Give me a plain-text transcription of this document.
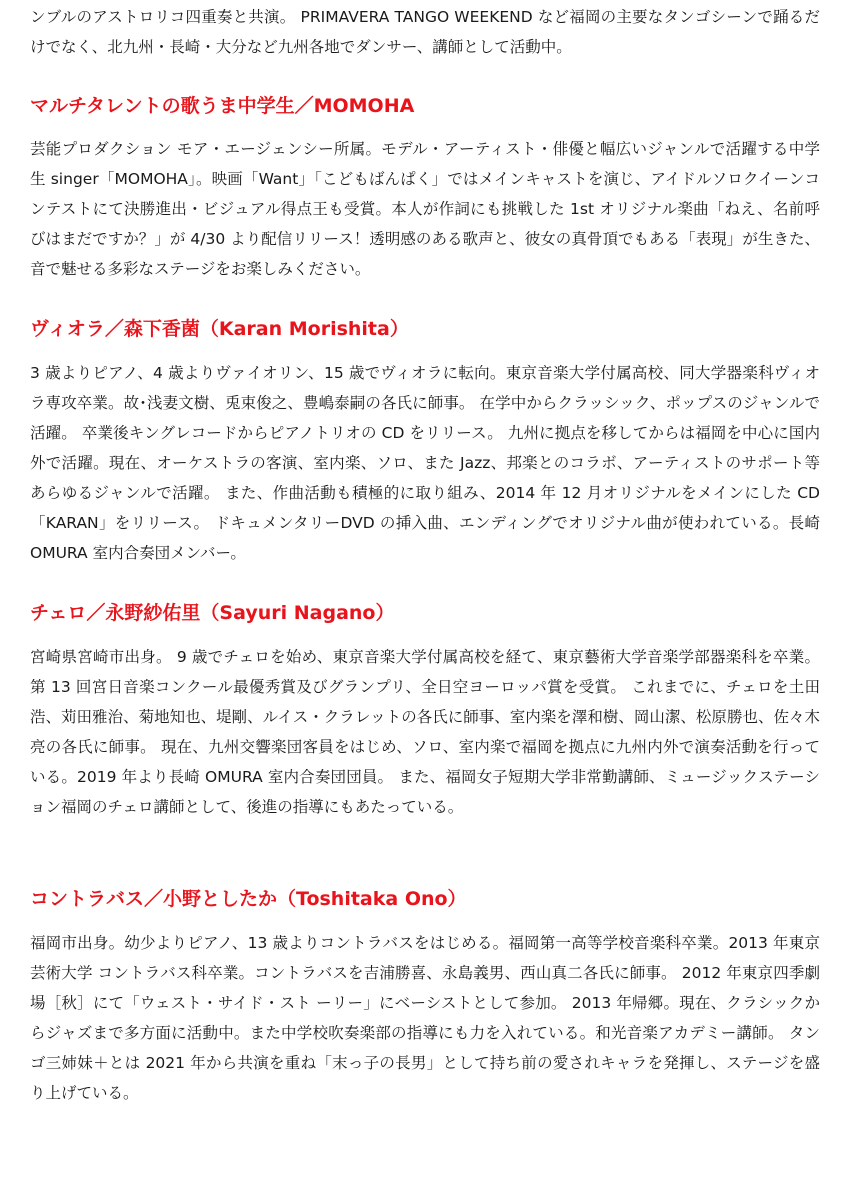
ンブルのアストロリコ四重奏と共演。 PRIMAVERA TANGO WEEKEND など福岡の主要なタンゴシーンで踊るだけでなく、北九州・長崎・大分など九州各地でダンサー、講師として活動中。

マルチタレントの歌うま中学生／MOMOHA

芸能プロダクション モア・エージェンシー所属。モデル・アーティスト・俳優と幅広いジャンルで活躍する中学生 singer「MOMOHA」。映画「Want」「こどもばんぱく」ではメインキャストを演じ、アイドルソロクイーンコンテストにて決勝進出・ビジュアル得点王も受賞。本人が作詞にも挑戦した 1st オリジナル楽曲「ねえ、名前呼びはまだですか？」が 4/30 より配信リリース！透明感のある歌声と、彼女の真骨頂でもある「表現」が生きた、音で魅せる多彩なステージをお楽しみください。

ヴィオラ／森下香菌（Karan Morishita）

3 歳よりピアノ、4 歳よりヴァイオリン、15 歳でヴィオラに転向。東京音楽大学付属高校、同大学器楽科ヴィオラ専攻卒業。故･浅妻文樹、兎束俊之、豊嶋泰嗣の各氏に師事。 在学中からクラッシック、ポップスのジャンルで活躍。 卒業後キングレコードからピアノトリオの CD をリリース。 九州に拠点を移してからは福岡を中心に国内外で活躍。現在、オーケストラの客演、室内楽、ソロ、また Jazz、邦楽とのコラボ、アーティストのサポート等あらゆるジャンルで活躍。 また、作曲活動も積極的に取り組み、2014 年 12 月オリジナルをメインにした CD「KARAN」をリリース。 ドキュメンタリーDVD の挿入曲、エンディングでオリジナル曲が使われている。長崎 OMURA 室内合奏団メンバー。

チェロ／永野紗佑里（Sayuri Nagano）

宮崎県宮崎市出身。 9 歳でチェロを始め、東京音楽大学付属高校を経て、東京藝術大学音楽学部器楽科を卒業。 第 13 回宮日音楽コンクール最優秀賞及びグランプリ、全日空ヨーロッパ賞を受賞。 これまでに、チェロを土田浩、苅田雅治、菊地知也、堤剛、ルイス・クラレットの各氏に師事、室内楽を澤和樹、岡山潔、松原勝也、佐々木亮の各氏に師事。 現在、九州交響楽団客員をはじめ、ソロ、室内楽で福岡を拠点に九州内外で演奏活動を行っている。2019 年より長崎 OMURA 室内合奏団団員。 また、福岡女子短期大学非常勤講師、ミュージックステーション福岡のチェロ講師として、後進の指導にもあたっている。

コントラバス／小野としたか（Toshitaka Ono）

福岡市出身。幼少よりピアノ、13 歳よりコントラバスをはじめる。福岡第一高等学校音楽科卒業。2013 年東京芸術大学 コントラバス科卒業。コントラバスを吉浦勝喜、永島義男、西山真二各氏に師事。 2012 年東京四季劇場［秋］にて「ウェスト・サイド・スト ーリー」にベーシストとして参加。 2013 年帰郷。現在、クラシックからジャズまで多方面に活動中。また中学校吹奏楽部の指導にも力を入れている。和光音楽アカデミー講師。 タンゴ三姉妹＋とは 2021 年から共演を重ね「末っ子の長男」として持ち前の愛されキャラを発揮し、ステージを盛り上げている。
